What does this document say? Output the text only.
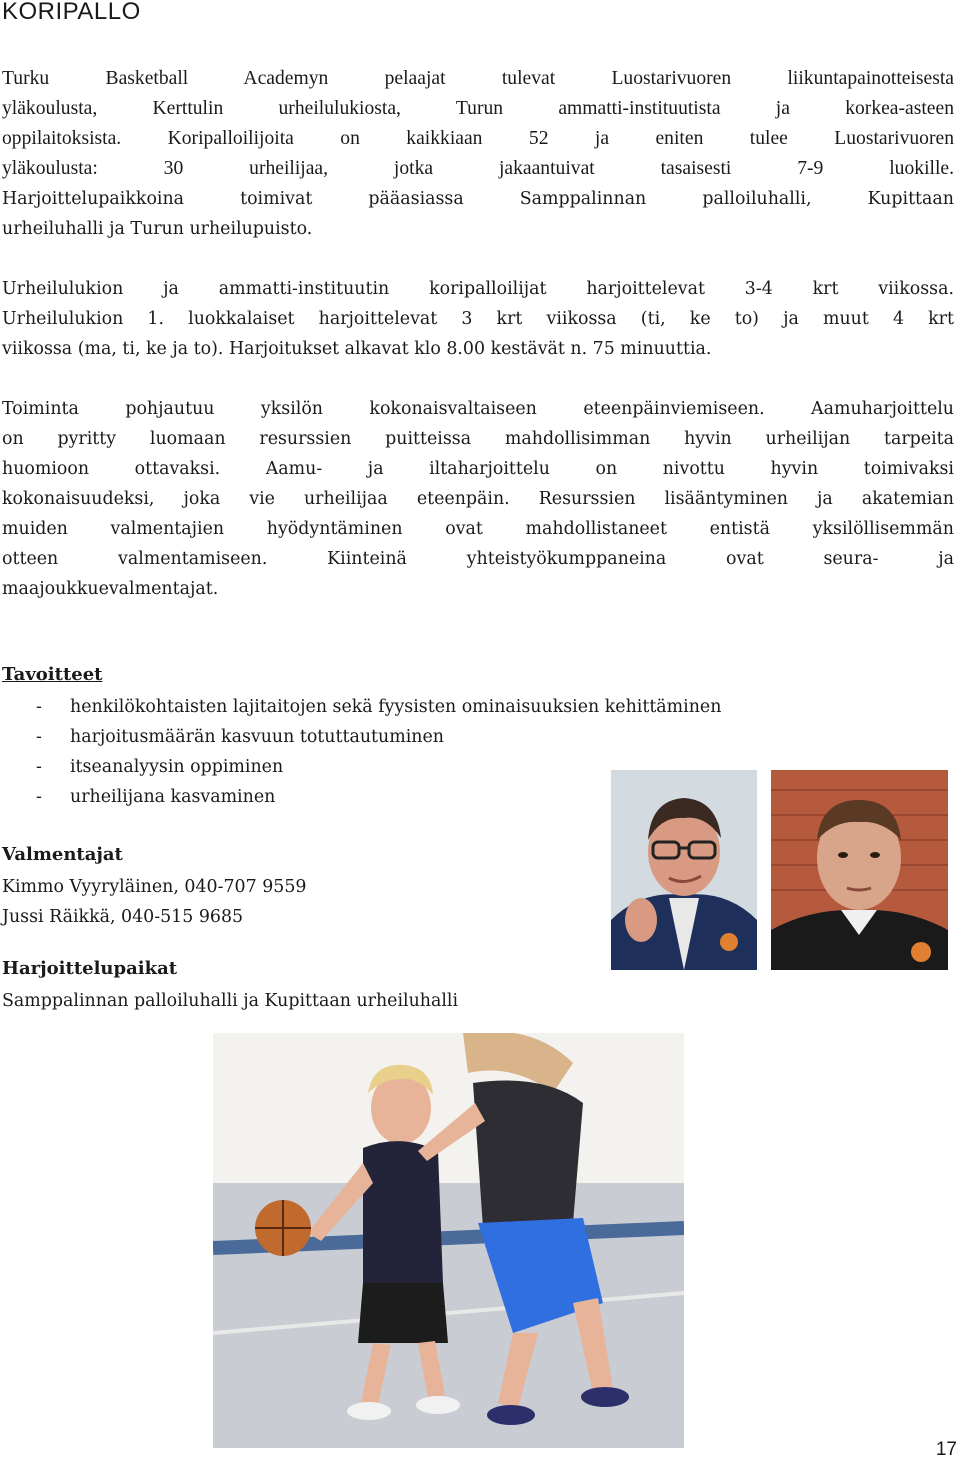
KORIPALLO
Turku Basketball Academyn pelaajat tulevat Luostarivuoren liikuntapainotteisesta
yläkoulusta, Kerttulin urheilulukiosta, Turun ammatti-instituutista ja korkea-asteen
oppilaitoksista. Koripalloilijoita on kaikkiaan 52 ja eniten tulee Luostarivuoren
yläkoulusta: 30 urheilijaa, jotka jakaantuivat tasaisesti 7-9 luokille.
Harjoittelupaikkoina toimivat pääasiassa Samppalinnan palloiluhalli, Kupittaan
urheiluhalli ja Turun urheilupuisto.
Urheilulukion ja ammatti-instituutin koripalloilijat harjoittelevat 3-4 krt viikossa.
Urheilulukion 1. luokkalaiset harjoittelevat 3 krt viikossa (ti, ke to) ja muut 4 krt
viikossa (ma, ti, ke ja to). Harjoitukset alkavat klo 8.00 kestävät n. 75 minuuttia.
Toiminta pohjautuu yksilön kokonaisvaltaiseen eteenpäinviemiseen. Aamuharjoittelu
on pyritty luomaan resurssien puitteissa mahdollisimman hyvin urheilijan tarpeita
huomioon ottavaksi. Aamu- ja iltaharjoittelu on nivottu hyvin toimivaksi
kokonaisuudeksi, joka vie urheilijaa eteenpäin. Resurssien lisääntyminen ja akatemian
muiden valmentajien hyödyntäminen ovat mahdollistaneet entistä yksilöllisemmän
otteen valmentamiseen. Kiinteinä yhteistyökumppaneina ovat seura- ja
maajoukkuevalmentajat.

Tavoitteet

-	henkilökohtaisten lajitaitojen sekä fyysisten ominaisuuksien kehittäminen
-	harjoitusmäärän kasvuun totuttautuminen
-	itseanalyysin oppiminen
-	urheilijana kasvaminen

Valmentajat

Kimmo Vyyryläinen, 040-707 9559

Jussi Räikkä, 040-515 9685

Harjoittelupaikat

Samppalinnan palloiluhalli ja Kupittaan urheiluhalli

17
